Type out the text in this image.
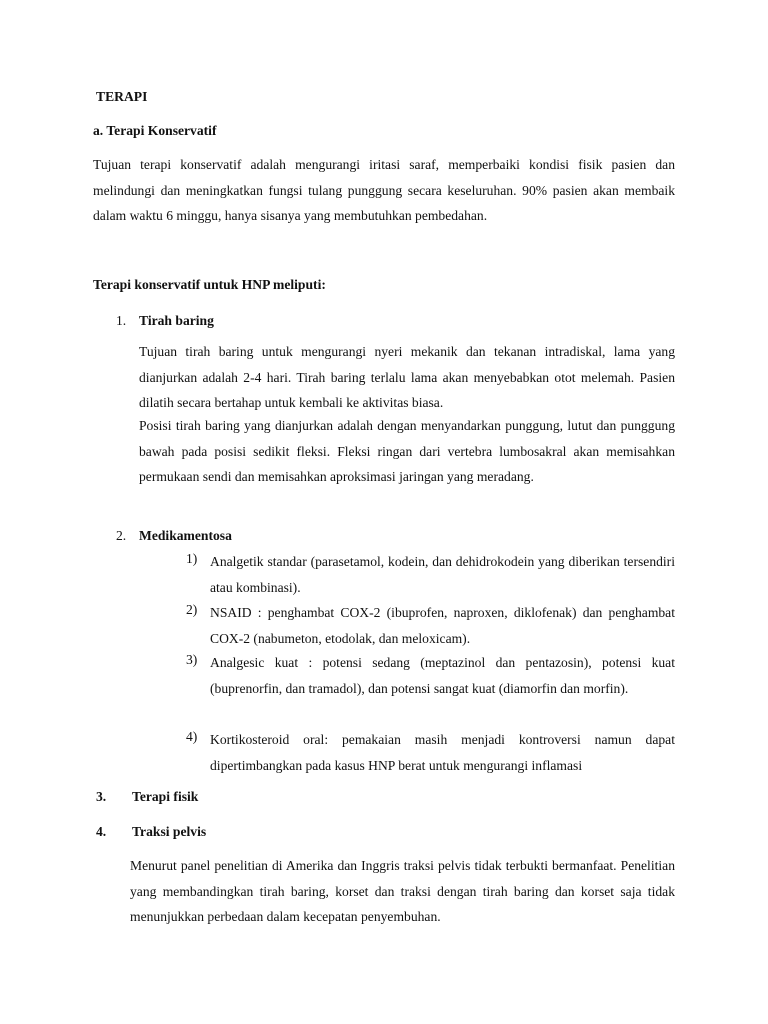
TERAPI

a. Terapi Konservatif

Tujuan terapi konservatif adalah mengurangi iritasi saraf, memperbaiki kondisi fisik pasien dan melindungi dan meningkatkan fungsi tulang punggung secara keseluruhan. 90% pasien akan membaik dalam waktu 6 minggu, hanya sisanya yang membutuhkan pembedahan.

Terapi konservatif untuk HNP meliputi:

1. Tirah baring

Tujuan tirah baring untuk mengurangi nyeri mekanik dan tekanan intradiskal, lama yang dianjurkan adalah 2-4 hari. Tirah baring terlalu lama akan menyebabkan otot melemah. Pasien dilatih secara bertahap untuk kembali ke aktivitas biasa.

Posisi tirah baring yang dianjurkan adalah dengan menyandarkan punggung, lutut dan punggung bawah pada posisi sedikit fleksi. Fleksi ringan dari vertebra lumbosakral akan memisahkan permukaan sendi dan memisahkan aproksimasi jaringan yang meradang.

2. Medikamentosa
1) Analgetik standar (parasetamol, kodein, dan dehidrokodein yang diberikan tersendiri atau kombinasi).

2) NSAID : penghambat COX-2 (ibuprofen, naproxen, diklofenak) dan penghambat COX-2 (nabumeton, etodolak, dan meloxicam).

3) Analgesic kuat : potensi sedang (meptazinol dan pentazosin), potensi kuat (buprenorfin, dan tramadol), dan potensi sangat kuat (diamorfin dan morfin).

4) Kortikosteroid oral: pemakaian masih menjadi kontroversi namun dapat dipertimbangkan pada kasus HNP berat untuk mengurangi inflamasi

3. Terapi fisik
4. Traksi pelvis

Menurut panel penelitian di Amerika dan Inggris traksi pelvis tidak terbukti bermanfaat. Penelitian yang membandingkan tirah baring, korset dan traksi dengan tirah baring dan korset saja tidak menunjukkan perbedaan dalam kecepatan penyembuhan.
